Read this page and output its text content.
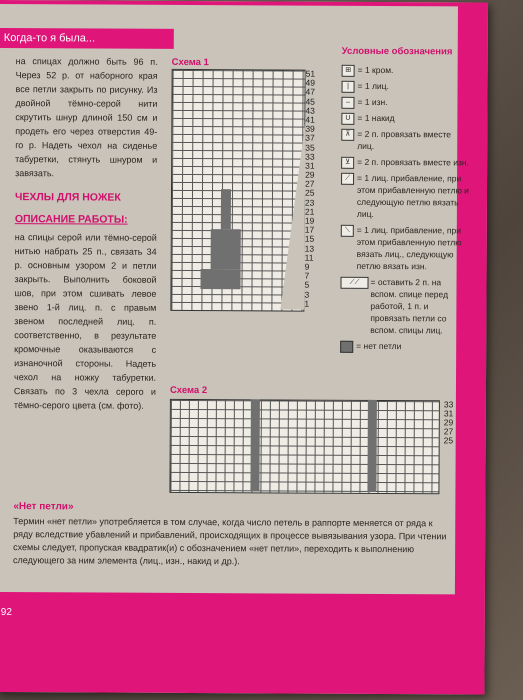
Когда-то я была...

на спицах должно быть 96 п. Через 52 р. от наборного края все петли закрыть по рисунку. Из двойной тёмно-серой нити скрутить шнур длиной 150 см и продеть его через отверстия 49-го р. Надеть чехол на сиденье табуретки, стянуть шнуром и завязать.

ЧЕХЛЫ ДЛЯ НОЖЕК
ОПИСАНИЕ РАБОТЫ:

на спицы серой или тёмно-серой нитью набрать 25 п., связать 34 р. основным узором 2 и петли закрыть. Выполнить боковой шов, при этом сшивать левое звено 1-й лиц. п. с правым звеном последней лиц. п. соответственно, в результате кромочные оказываются с изнаночной стороны. Надеть чехол на ножку табуретки. Связать по 3 чехла серого и тёмно-серого цвета (см. фото).

Схема 1
51
49
47
45
43
41
39
37
35
33
31
29
27
25
23
21
19
17
15
13
11
9
7
5
3
1
Условные обозначения
⊞ = 1 кром.
|	= 1 лиц.
– = 1 изн.
U = 1 накид
⊼ = 2 п. провязать вместе лиц.
⊻ = 2 п. провязать вместе изн.
⟋ = 1 лиц. прибавление, при этом прибавленную петлю и следующую петлю вязать лиц.
⟍ = 1 лиц. прибавление, при этом прибавленную петлю вязать лиц., следующую петлю вязать изн.
⟋⟋	= оставить 2 п. на вспом. спице перед работой, 1 п. и провязать петли со вспом. спицы лиц.
= нет петли
Схема 2
33
31
29
27
25
«Нет петли»

Термин «нет петли» употребляется в том случае, когда число петель в раппорте меняется от ряда к ряду вследствие убавлений и прибавлений, происходящих в процессе вывязывания узора. При чтении схемы следует, пропуская квадратик(и) с обозначением «нет петли», переходить к выполнению следующего за ним элемента (лиц., изн., накид и др.).

92
